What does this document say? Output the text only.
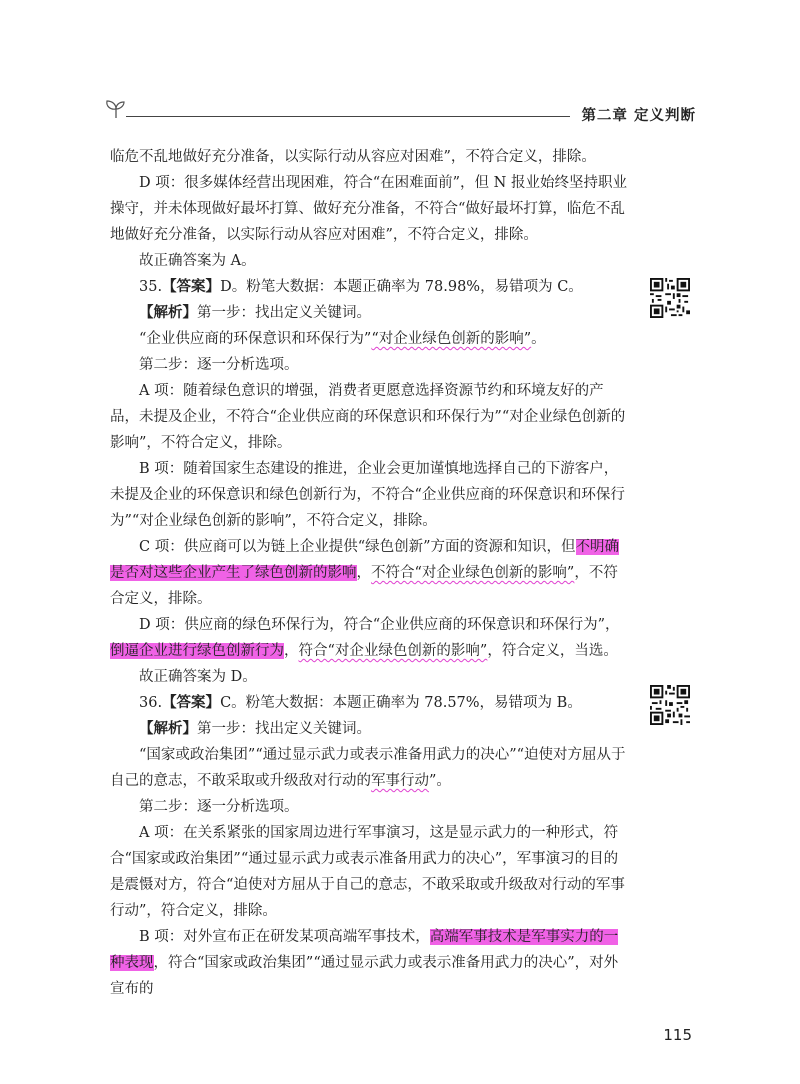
第二章 定义判断

临危不乱地做好充分准备，以实际行动从容应对困难”，不符合定义，排除。

D 项：很多媒体经营出现困难，符合“在困难面前”，但 N 报业始终坚持职业操守，并未体现做好最坏打算、做好充分准备，不符合“做好最坏打算，临危不乱地做好充分准备，以实际行动从容应对困难”，不符合定义，排除。

故正确答案为 A。

35.【答案】D。粉笔大数据：本题正确率为 78.98%，易错项为 C。

【解析】第一步：找出定义关键词。

“企业供应商的环保意识和环保行为”“对企业绿色创新的影响”。

第二步：逐一分析选项。

A 项：随着绿色意识的增强，消费者更愿意选择资源节约和环境友好的产品，未提及企业，不符合“企业供应商的环保意识和环保行为”“对企业绿色创新的影响”，不符合定义，排除。

B 项：随着国家生态建设的推进，企业会更加谨慎地选择自己的下游客户，未提及企业的环保意识和绿色创新行为，不符合“企业供应商的环保意识和环保行为”“对企业绿色创新的影响”，不符合定义，排除。

C 项：供应商可以为链上企业提供“绿色创新”方面的资源和知识，但不明确是否对这些企业产生了绿色创新的影响，不符合“对企业绿色创新的影响”，不符合定义，排除。

D 项：供应商的绿色环保行为，符合“企业供应商的环保意识和环保行为”，倒逼企业进行绿色创新行为，符合“对企业绿色创新的影响”，符合定义，当选。

故正确答案为 D。

36.【答案】C。粉笔大数据：本题正确率为 78.57%，易错项为 B。

【解析】第一步：找出定义关键词。

“国家或政治集团”“通过显示武力或表示准备用武力的决心”“迫使对方屈从于自己的意志，不敢采取或升级敌对行动的军事行动”。

第二步：逐一分析选项。

A 项：在关系紧张的国家周边进行军事演习，这是显示武力的一种形式，符合“国家或政治集团”“通过显示武力或表示准备用武力的决心”，军事演习的目的是震慑对方，符合“迫使对方屈从于自己的意志，不敢采取或升级敌对行动的军事行动”，符合定义，排除。

B 项：对外宣布正在研发某项高端军事技术，高端军事技术是军事实力的一种表现，符合“国家或政治集团”“通过显示武力或表示准备用武力的决心”，对外宣布的

115
